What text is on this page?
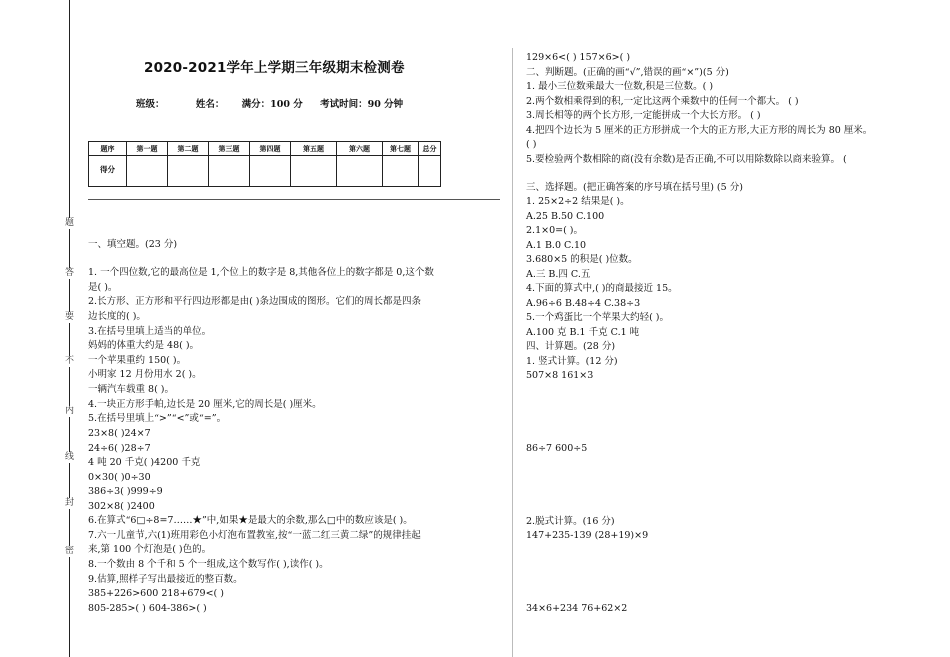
题
答
要
不
内
线
封
密
2020-2021学年上学期三年级期末检测卷
班级：	姓名： 满分：100 分 考试时间：90 分钟
题序	第一题	第二题	第三题	第四题	第五题	第六题	第七题	总分
得分								
一、填空题。(23 分)
1. 一个四位数,它的最高位是 1,个位上的数字是 8,其他各位上的数字都是 0,这个数
是( )。
2.长方形、正方形和平行四边形都是由( )条边围成的图形。它们的周长都是四条
边长度的( )。
3.在括号里填上适当的单位。
妈妈的体重大约是 48( )。
一个苹果重约 150( )。
小明家 12 月份用水 2( )。
一辆汽车载重 8( )。
4.一块正方形手帕,边长是 20 厘米,它的周长是( )厘米。
5.在括号里填上“>”“<”或“=”。
23×8( )24×7
24÷6( )28÷7
4 吨 20 千克( )4200 千克
0×30( )0÷30
386÷3( )999÷9
302×8( )2400
6.在算式“6□÷8=7……★”中,如果★是最大的余数,那么□中的数应该是( )。
7.六一儿童节,六(1)班用彩色小灯泡布置教室,按“一蓝二红三黄二绿”的规律挂起
来,第 100 个灯泡是( )色的。
8.一个数由 8 个千和 5 个一组成,这个数写作( ),读作( )。
9.估算,照样子写出最接近的整百数。
385+226>600 218+679<( )
805-285>( ) 604-386>( )
129×6<( ) 157×6>( )
二、判断题。(正确的画“√”,错误的画“×”)(5 分)
1. 最小三位数乘最大一位数,积是三位数。( )
2.两个数相乘得到的积,一定比这两个乘数中的任何一个都大。 ( )
3.周长相等的两个长方形,一定能拼成一个大长方形。 ( )
4.把四个边长为 5 厘米的正方形拼成一个大的正方形,大正方形的周长为 80 厘米。
( )
5.要检验两个数相除的商(没有余数)是否正确,不可以用除数除以商来验算。 (
三、选择题。(把正确答案的序号填在括号里) (5 分)
1. 25×2÷2 结果是( )。
A.25 B.50 C.100
2.1×0=( )。
A.1 B.0 C.10
3.680×5 的积是( )位数。
A.三 B.四 C.五
4.下面的算式中,( )的商最接近 15。
A.96÷6 B.48÷4 C.38÷3
5.一个鸡蛋比一个苹果大约轻( )。
A.100 克 B.1 千克 C.1 吨
四、计算题。(28 分)
1. 竖式计算。(12 分)
507×8 161×3
86÷7 600÷5
2.脱式计算。(16 分)
147+235-139 (28+19)×9
34×6+234 76+62×2
